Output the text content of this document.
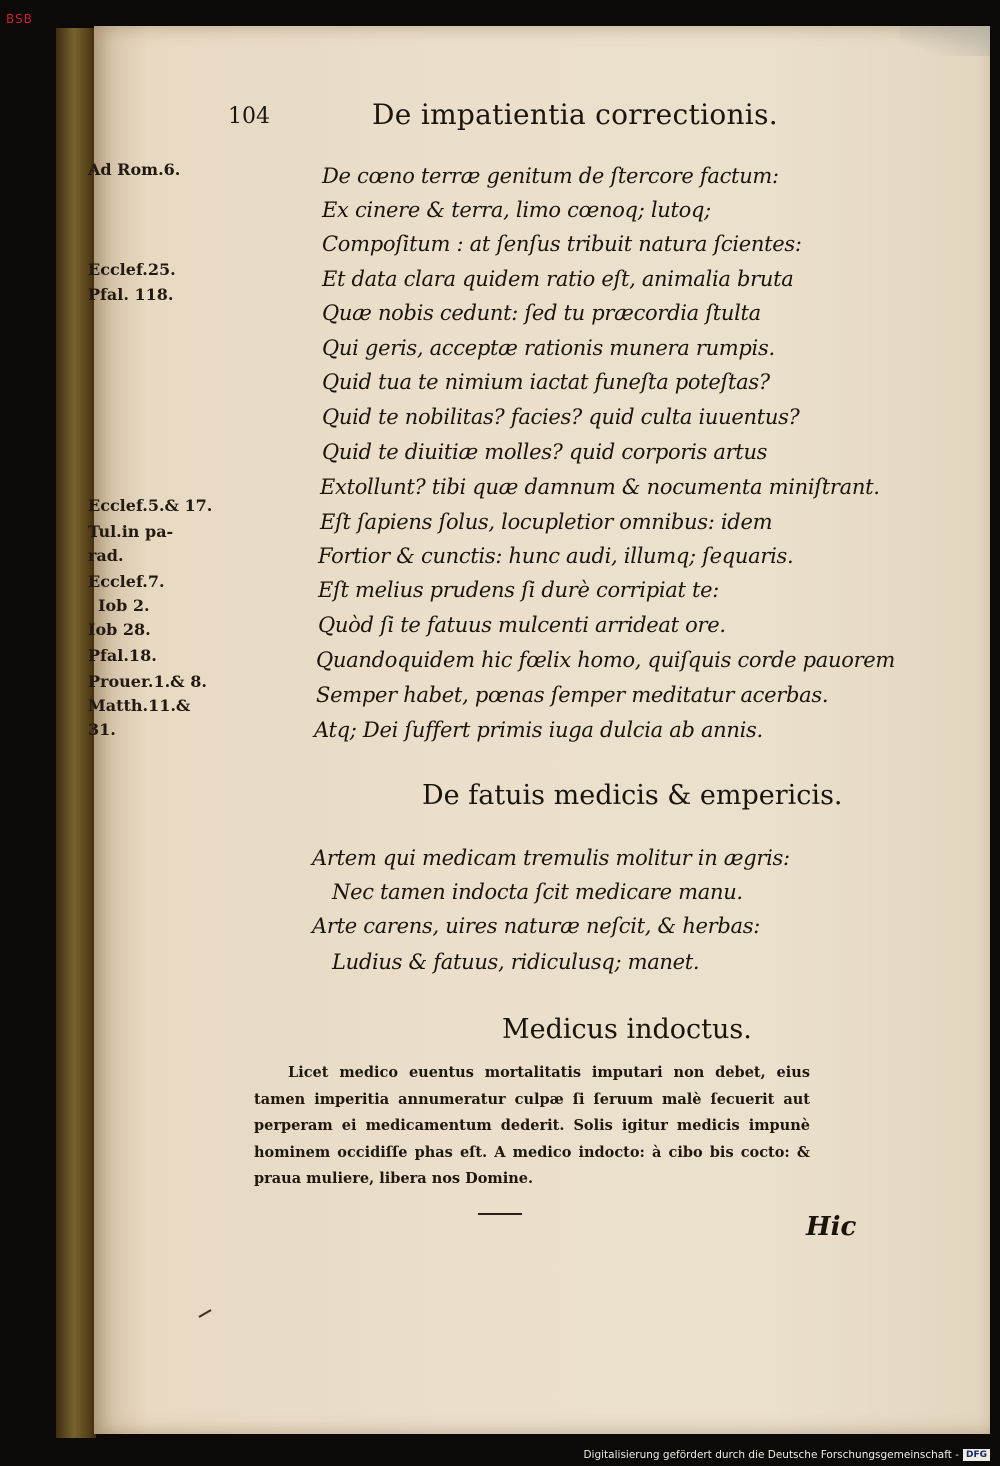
BSB
104	De impatientia correctionis.
Ad Rom.6.
Ecclef.25.
Pfal. 118.
Ecclef.5.& 17.
Tul.in pa-
rad.
Ecclef.7.
Iob 2.
Iob 28.
Pfal.18.
Prouer.1.& 8.
Matth.11.&
31.
De cœno terræ genitum de ſtercore factum:
Ex cinere & terra, limo cœnoq; lutoq;
Compoſitum : at ſenſus tribuit natura ſcientes:
Et data clara quidem ratio eſt, animalia bruta
Quæ nobis cedunt: ſed tu præcordia ſtulta
Qui geris, acceptæ rationis munera rumpis.
Quid tua te nimium iactat funeſta poteſtas?
Quid te nobilitas? facies? quid culta iuuentus?
Quid te diuitiæ molles? quid corporis artus
Extollunt? tibi quæ damnum & nocumenta miniſtrant.
Eſt ſapiens ſolus, locupletior omnibus: idem
Fortior & cunctis: hunc audi, illumq; ſequaris.
Eſt melius prudens ſi durè corripiat te:
Quòd ſi te fatuus mulcenti arrideat ore.
Quandoquidem hic fœlix homo, quiſquis corde pauorem
Semper habet, pœnas ſemper meditatur acerbas.
Atq; Dei ſuffert primis iuga dulcia ab annis.
De fatuis medicis & empericis.
Artem qui medicam tremulis molitur in ægris:
Nec tamen indocta ſcit medicare manu.
Arte carens, uires naturæ neſcit, & herbas:
Ludius & fatuus, ridiculusq; manet.
Medicus indoctus.

Licet medico euentus mortalitatis imputari non debet, eius tamen imperitia annumeratur culpæ ſi ſeruum malè ſecuerit aut perperam ei medicamentum dederit. Solis igitur medicis impunè hominem occidiſſe phas eſt. A medico indocto: à cibo bis cocto: & praua muliere, libera nos Domine.

Hic
Digitalisierung gefördert durch die Deutsche Forschungsgemeinschaft - DFG
